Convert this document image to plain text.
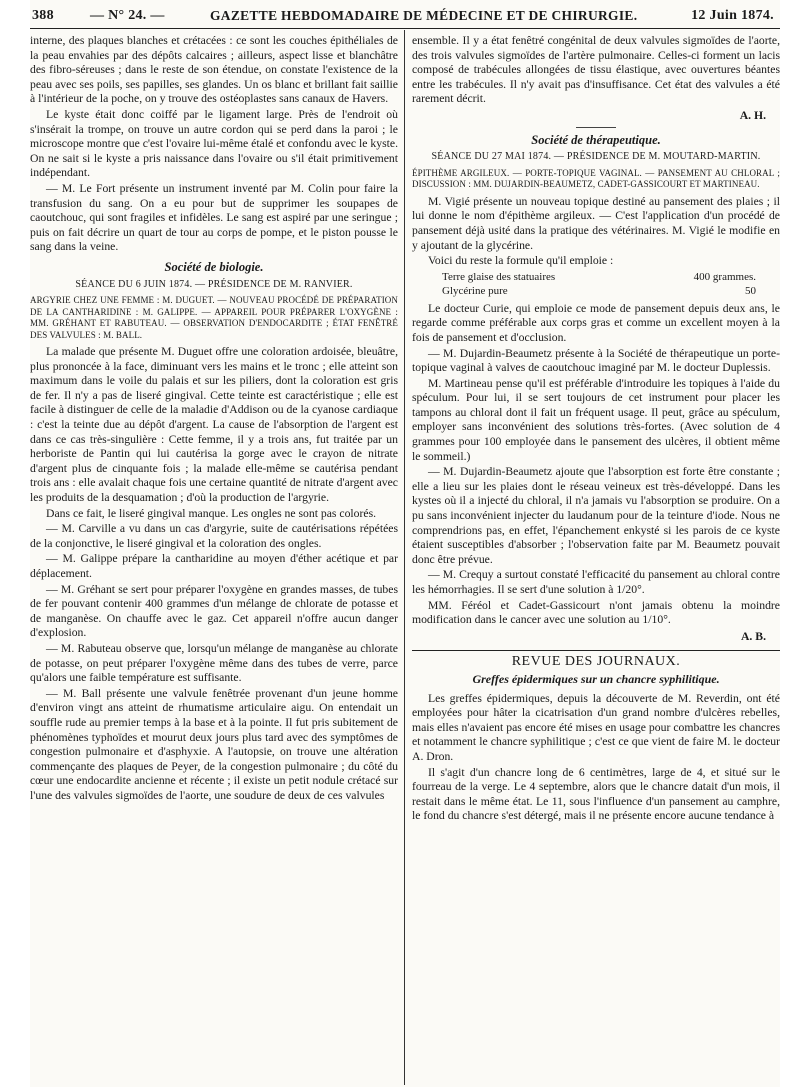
388	— N° 24. —	GAZETTE HEBDOMADAIRE DE MÉDECINE ET DE CHIRURGIE.	12 Juin 1874.

interne, des plaques blanches et crétacées : ce sont les couches épithéliales de la peau envahies par des dépôts calcaires ; ailleurs, aspect lisse et blanchâtre des fibro-séreuses ; dans le reste de son étendue, on constate l'existence de la peau avec ses poils, ses papilles, ses glandes. Un os blanc et brillant fait saillie à l'intérieur de la poche, on y trouve des ostéoplastes sans canaux de Havers.

Le kyste était donc coiffé par le ligament large. Près de l'endroit où s'insérait la trompe, on trouve un autre cordon qui se perd dans la paroi ; le microscope montre que c'est l'ovaire lui-même étalé et confondu avec le kyste. On ne sait si le kyste a pris naissance dans l'ovaire ou s'il était primitivement indépendant.

— M. Le Fort présente un instrument inventé par M. Colin pour faire la transfusion du sang. On a eu pour but de supprimer les soupapes de caoutchouc, qui sont fragiles et infidèles. Le sang est aspiré par une seringue ; puis on fait décrire un quart de tour au corps de pompe, et le piston pousse le sang dans la veine.

Société de biologie.
SÉANCE DU 6 JUIN 1874. — PRÉSIDENCE DE M. RANVIER.
ARGYRIE CHEZ UNE FEMME : M. DUGUET. — NOUVEAU PROCÉDÉ DE PRÉPARATION DE LA CANTHARIDINE : M. GALIPPE. — APPAREIL POUR PRÉPARER L'OXYGÈNE : MM. GRÉHANT ET RABUTEAU. — OBSERVATION D'ENDOCARDITE ; ÉTAT FENÊTRÉ DES VALVULES : M. BALL.

La malade que présente M. Duguet offre une coloration ardoisée, bleuâtre, plus prononcée à la face, diminuant vers les mains et le tronc ; elle atteint son maximum dans le voile du palais et sur les piliers, dont la coloration est gris de fer. Il n'y a pas de liseré gingival. Cette teinte est caractéristique ; elle est facile à distinguer de celle de la maladie d'Addison ou de la cyanose cardiaque : c'est la teinte due au dépôt d'argent. La cause de l'absorption de l'argent est dans ce cas très-singulière : Cette femme, il y a trois ans, fut traitée par un herboriste de Pantin qui lui cautérisa la gorge avec le crayon de nitrate d'argent plus de cinquante fois ; la malade elle-même se cautérisa pendant trois ans : elle avalait chaque fois une certaine quantité de nitrate d'argent avec les produits de la desquamation ; d'où la production de l'argyrie.

Dans ce fait, le liseré gingival manque. Les ongles ne sont pas colorés.

— M. Carville a vu dans un cas d'argyrie, suite de cautérisations répétées de la conjonctive, le liseré gingival et la coloration des ongles.

— M. Galippe prépare la cantharidine au moyen d'éther acétique et par déplacement.

— M. Gréhant se sert pour préparer l'oxygène en grandes masses, de tubes de fer pouvant contenir 400 grammes d'un mélange de chlorate de potasse et de manganèse. On chauffe avec le gaz. Cet appareil n'offre aucun danger d'explosion.

— M. Rabuteau observe que, lorsqu'un mélange de manganèse au chlorate de potasse, on peut préparer l'oxygène même dans des tubes de verre, parce qu'alors une faible température est suffisante.

— M. Ball présente une valvule fenêtrée provenant d'un jeune homme d'environ vingt ans atteint de rhumatisme articulaire aigu. On entendait un souffle rude au premier temps à la base et à la pointe. Il fut pris subitement de phénomènes typhoïdes et mourut deux jours plus tard avec des symptômes de congestion pulmonaire et d'asphyxie. A l'autopsie, on trouve une altération commençante des plaques de Peyer, de la congestion pulmonaire ; du côté du cœur une endocardite ancienne et récente ; il existe un petit nodule crétacé sur l'une des valvules sigmoïdes de l'aorte, une soudure de deux de ces valvules

ensemble. Il y a état fenêtré congénital de deux valvules sigmoïdes de l'aorte, des trois valvules sigmoïdes de l'artère pulmonaire. Celles-ci forment un lacis composé de trabécules allongées de tissu élastique, avec ouvertures béantes entre les trabécules. Il n'y avait pas d'insuffisance. Cet état des valvules a été rarement décrit.

A. H.
Société de thérapeutique.
SÉANCE DU 27 MAI 1874. — PRÉSIDENCE DE M. MOUTARD-MARTIN.
ÉPITHÈME ARGILEUX. — PORTE-TOPIQUE VAGINAL. — PANSEMENT AU CHLORAL ; DISCUSSION : MM. DUJARDIN-BEAUMETZ, CADET-GASSICOURT ET MARTINEAU.

M. Vigié présente un nouveau topique destiné au pansement des plaies ; il lui donne le nom d'épithème argileux. — C'est l'application d'un procédé de pansement déjà usité dans la pratique des vétérinaires. M. Vigié le modifie en y ajoutant de la glycérine.

Voici du reste la formule qu'il emploie :

Terre glaise des statuaires	400 grammes.
Glycérine pure	50

Le docteur Curie, qui emploie ce mode de pansement depuis deux ans, le regarde comme préférable aux corps gras et comme un excellent moyen à la fois de pansement et d'occlusion.

— M. Dujardin-Beaumetz présente à la Société de thérapeutique un porte-topique vaginal à valves de caoutchouc imaginé par M. le docteur Duplessis.

M. Martineau pense qu'il est préférable d'introduire les topiques à l'aide du spéculum. Pour lui, il se sert toujours de cet instrument pour placer les tampons au chloral dont il fait un fréquent usage. Il peut, grâce au spéculum, employer sans inconvénient des solutions très-fortes. (Avec solution de 4 grammes pour 100 employée dans le pansement des ulcères, il obtient même le sommeil.)

— M. Dujardin-Beaumetz ajoute que l'absorption est forte être constante ; elle a lieu sur les plaies dont le réseau veineux est très-développé. Dans les kystes où il a injecté du chloral, il n'a jamais vu l'absorption se produire. On a pu sans inconvénient injecter du laudanum pour de la teinture d'iode. Nous ne comprendrions pas, en effet, l'épanchement enkysté si les parois de ce kyste étaient susceptibles d'absorber ; l'observation faite par M. Beaumetz pouvait donc être prévue.

— M. Crequy a surtout constaté l'efficacité du pansement au chloral contre les hémorrhagies. Il se sert d'une solution à 1/20°.

MM. Féréol et Cadet-Gassicourt n'ont jamais obtenu la moindre modification dans le cancer avec une solution au 1/10°.

A. B.
REVUE DES JOURNAUX.
Greffes épidermiques sur un chancre syphilitique.

Les greffes épidermiques, depuis la découverte de M. Reverdin, ont été employées pour hâter la cicatrisation d'un grand nombre d'ulcères rebelles, mais elles n'avaient pas encore été mises en usage pour combattre les chancres et notamment le chancre syphilitique ; c'est ce que vient de faire M. le docteur A. Dron.

Il s'agit d'un chancre long de 6 centimètres, large de 4, et situé sur le fourreau de la verge. Le 4 septembre, alors que le chancre datait d'un mois, il restait dans le même état. Le 11, sous l'influence d'un pansement au camphre, le fond du chancre s'est détergé, mais il ne présente encore aucune tendance à
